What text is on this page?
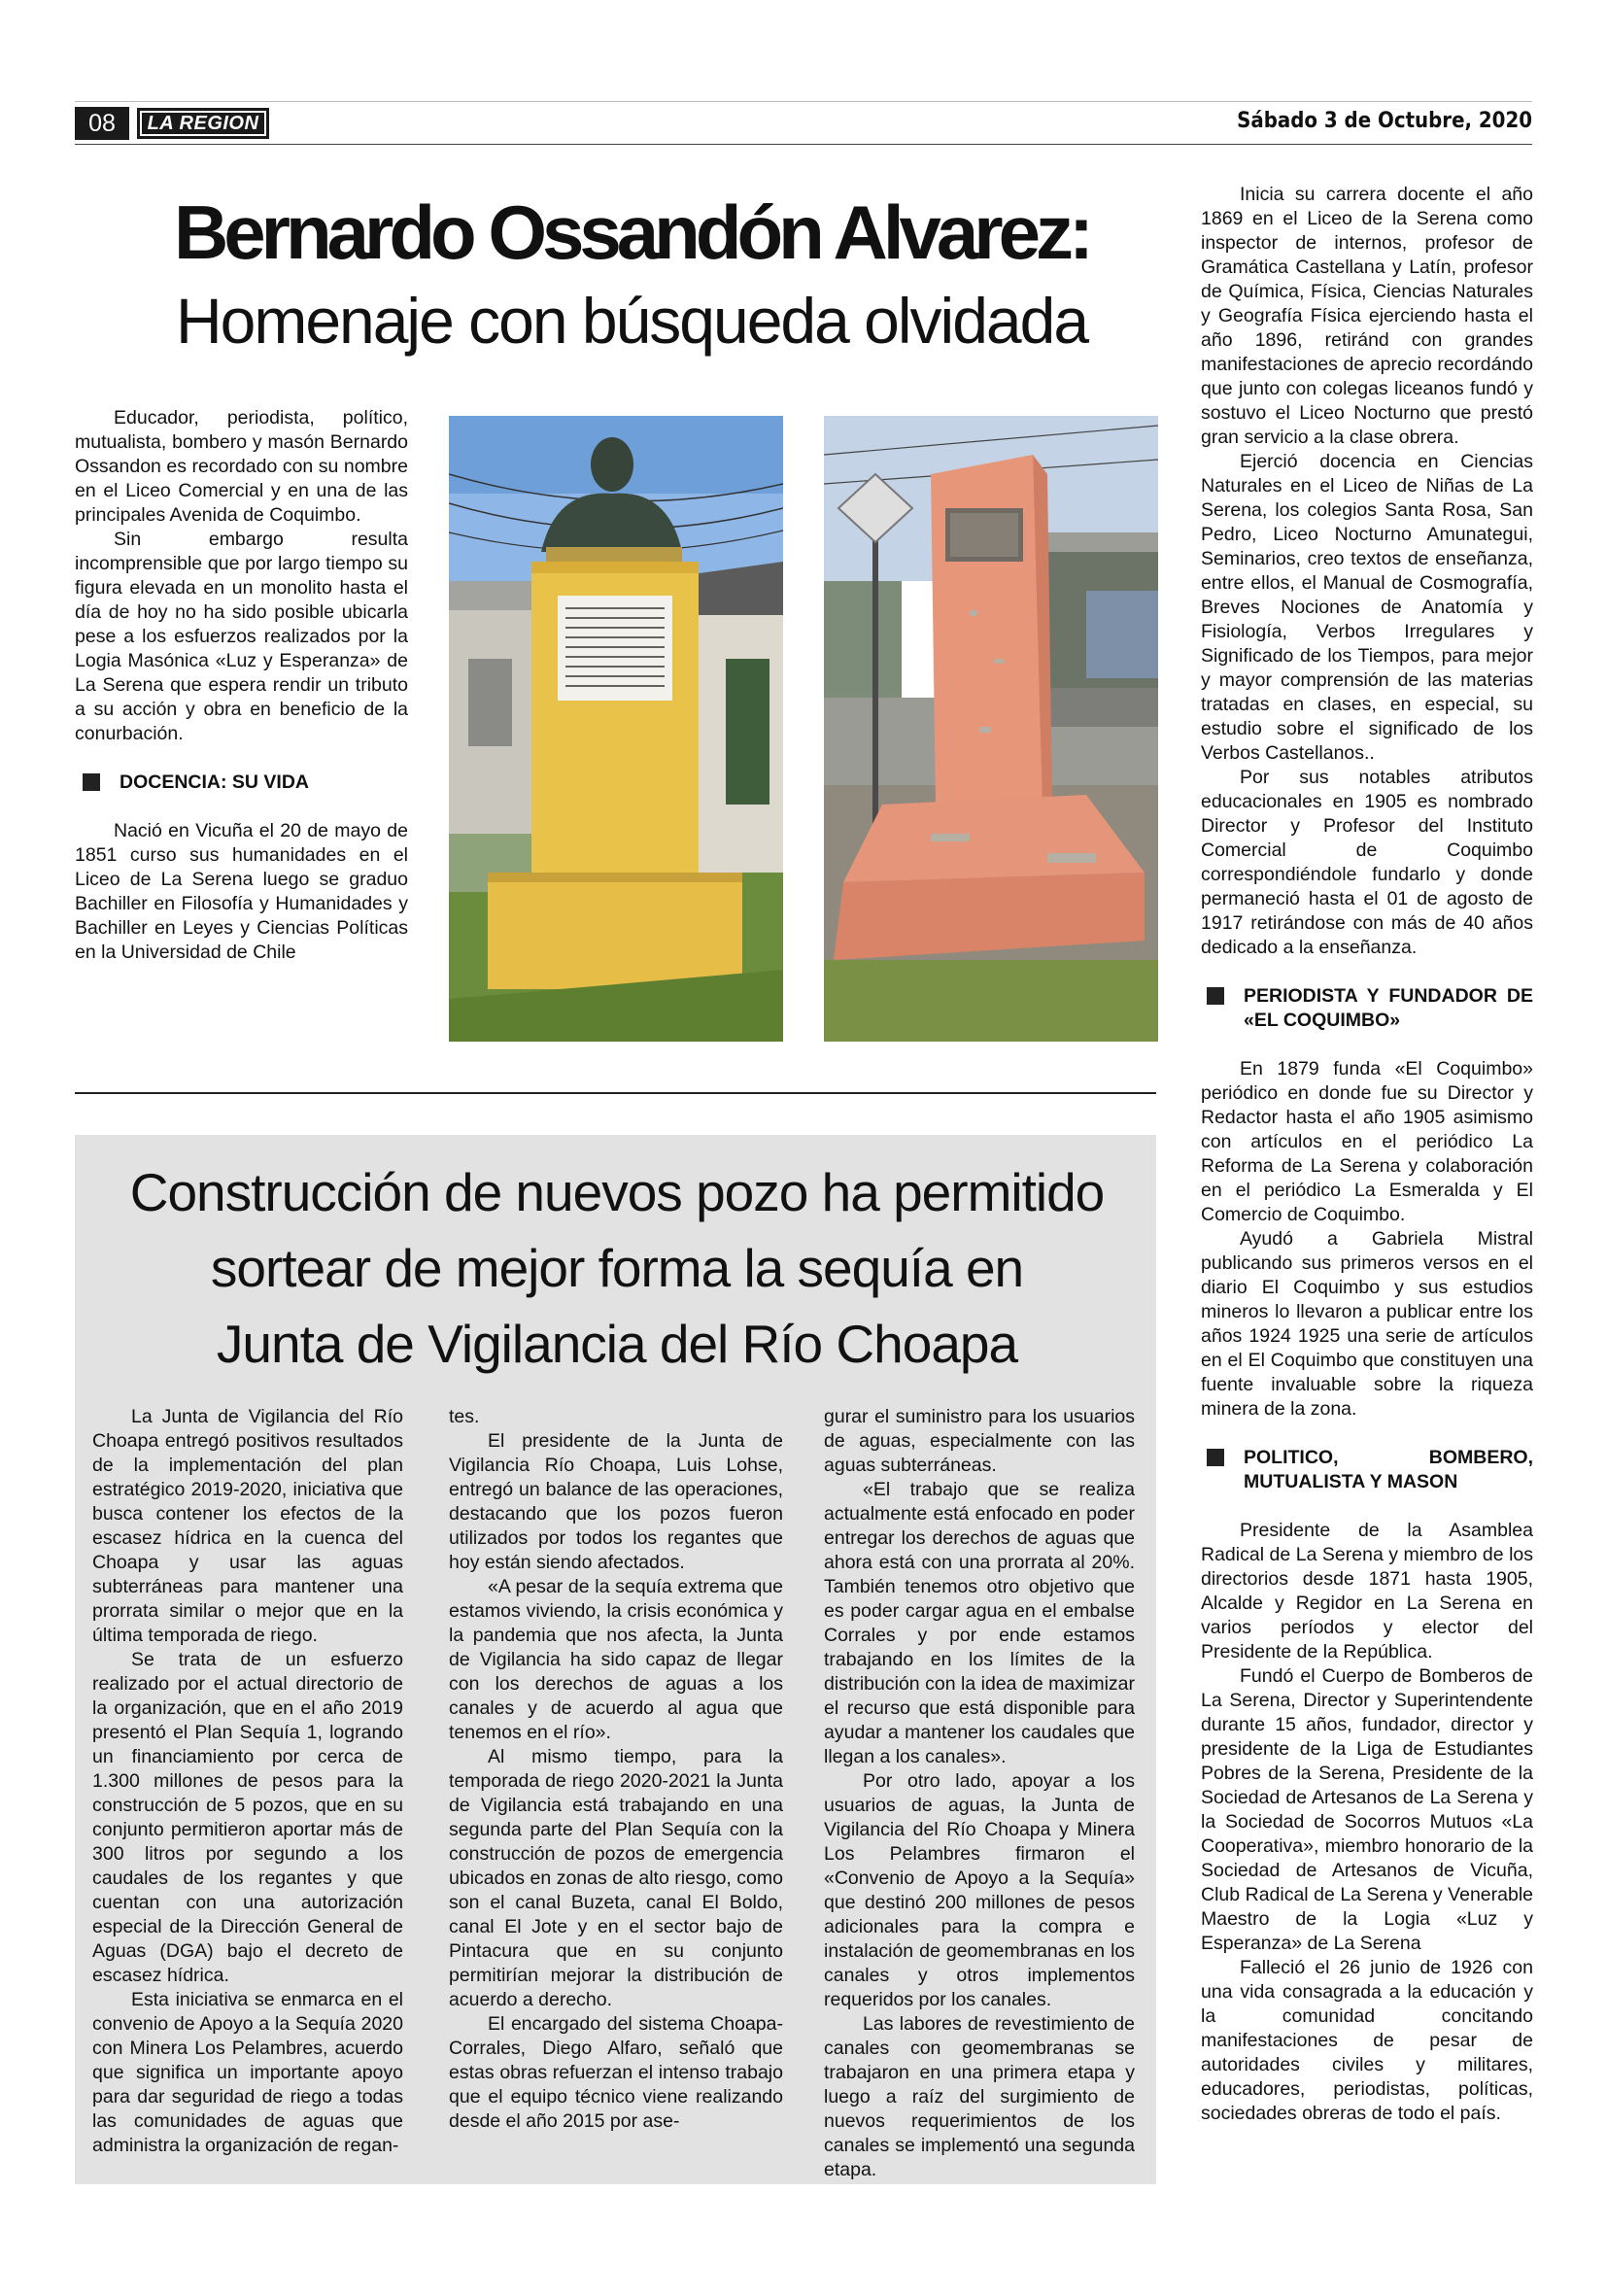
08	LA REGION	Sábado 3 de Octubre, 2020
Bernardo Ossandón Alvarez:
Homenaje con búsqueda olvidada

Educador, periodista, político, mutualista, bombero y masón Bernardo Ossandon es recordado con su nombre en el Liceo Comercial y en una de las principales Avenida de Coquimbo.

Sin embargo resulta incomprensible que por largo tiempo su figura elevada en un monolito hasta el día de hoy no ha sido posible ubicarla pese a los esfuerzos realizados por la Logia Masónica «Luz y Esperanza» de La Serena que espera rendir un tributo a su acción y obra en beneficio de la conurbación.

DOCENCIA: SU VIDA

Nació en Vicuña el 20 de mayo de 1851 curso sus humanidades en el Liceo de La Serena luego se graduo Bachiller en Filosofía y Humanidades y Bachiller en Leyes y Ciencias Políticas en la Universidad de Chile

Inicia su carrera docente el año 1869 en el Liceo de la Serena como inspector de internos, profesor de Gramática Castellana y Latín, profesor de Química, Física, Ciencias Naturales y Geografía Física ejerciendo hasta el año 1896, retiránd con grandes manifestaciones de aprecio recordándo que junto con colegas liceanos fundó y sostuvo el Liceo Nocturno que prestó gran servicio a la clase obrera.

Ejerció docencia en Ciencias Naturales en el Liceo de Niñas de La Serena, los colegios Santa Rosa, San Pedro, Liceo Nocturno Amunategui, Seminarios, creo textos de enseñanza, entre ellos, el Manual de Cosmografía, Breves Nociones de Anatomía y Fisiología, Verbos Irregulares y Significado de los Tiempos, para mejor y mayor comprensión de las materias tratadas en clases, en especial, su estudio sobre el significado de los Verbos Castellanos..

Por sus notables atributos educacionales en 1905 es nombrado Director y Profesor del Instituto Comercial de Coquimbo correspondiéndole fundarlo y donde permaneció hasta el 01 de agosto de 1917 retirándose con más de 40 años dedicado a la enseñanza.

PERIODISTA Y FUNDADOR DE «EL COQUIMBO»

En 1879 funda «El Coquimbo» periódico en donde fue su Director y Redactor hasta el año 1905 asimismo con artículos en el periódico La Reforma de La Serena y colaboración en el periódico La Esmeralda y El Comercio de Coquimbo.

Ayudó a Gabriela Mistral publicando sus primeros versos en el diario El Coquimbo y sus estudios mineros lo llevaron a publicar entre los años 1924 1925 una serie de artículos en el El Coquimbo que constituyen una fuente invaluable sobre la riqueza minera de la zona.

POLITICO, BOMBERO, MUTUALISTA Y MASON

Presidente de la Asamblea Radical de La Serena y miembro de los directorios desde 1871 hasta 1905, Alcalde y Regidor en La Serena en varios períodos y elector del Presidente de la República.

Fundó el Cuerpo de Bomberos de La Serena, Director y Superintendente durante 15 años, fundador, director y presidente de la Liga de Estudiantes Pobres de la Serena, Presidente de la Sociedad de Artesanos de La Serena y la Sociedad de Socorros Mutuos «La Cooperativa», miembro honorario de la Sociedad de Artesanos de Vicuña, Club Radical de La Serena y Venerable Maestro de la Logia «Luz y Esperanza» de La Serena

Falleció el 26 junio de 1926 con una vida consagrada a la educación y la comunidad concitando manifestaciones de pesar de autoridades civiles y militares, educadores, periodistas, políticas, sociedades obreras de todo el país.

Construcción de nuevos pozo ha permitido
sortear de mejor forma la sequía en
Junta de Vigilancia del Río Choapa

La Junta de Vigilancia del Río Choapa entregó positivos resultados de la implementación del plan estratégico 2019-2020, iniciativa que busca contener los efectos de la escasez hídrica en la cuenca del Choapa y usar las aguas subterráneas para mantener una prorrata similar o mejor que en la última temporada de riego.

Se trata de un esfuerzo realizado por el actual directorio de la organización, que en el año 2019 presentó el Plan Sequía 1, logrando un financiamiento por cerca de 1.300 millones de pesos para la construcción de 5 pozos, que en su conjunto permitieron aportar más de 300 litros por segundo a los caudales de los regantes y que cuentan con una autorización especial de la Dirección General de Aguas (DGA) bajo el decreto de escasez hídrica.

Esta iniciativa se enmarca en el convenio de Apoyo a la Sequía 2020 con Minera Los Pelambres, acuerdo que significa un importante apoyo para dar seguridad de riego a todas las comunidades de aguas que administra la organización de regan-

tes.

El presidente de la Junta de Vigilancia Río Choapa, Luis Lohse, entregó un balance de las operaciones, destacando que los pozos fueron utilizados por todos los regantes que hoy están siendo afectados.

«A pesar de la sequía extrema que estamos viviendo, la crisis económica y la pandemia que nos afecta, la Junta de Vigilancia ha sido capaz de llegar con los derechos de aguas a los canales y de acuerdo al agua que tenemos en el río».

Al mismo tiempo, para la temporada de riego 2020-2021 la Junta de Vigilancia está trabajando en una segunda parte del Plan Sequía con la construcción de pozos de emergencia ubicados en zonas de alto riesgo, como son el canal Buzeta, canal El Boldo, canal El Jote y en el sector bajo de Pintacura que en su conjunto permitirían mejorar la distribución de acuerdo a derecho.

El encargado del sistema Choapa-Corrales, Diego Alfaro, señaló que estas obras refuerzan el intenso trabajo que el equipo técnico viene realizando desde el año 2015 por ase-

gurar el suministro para los usuarios de aguas, especialmente con las aguas subterráneas.

«El trabajo que se realiza actualmente está enfocado en poder entregar los derechos de aguas que ahora está con una prorrata al 20%. También tenemos otro objetivo que es poder cargar agua en el embalse Corrales y por ende estamos trabajando en los límites de la distribución con la idea de maximizar el recurso que está disponible para ayudar a mantener los caudales que llegan a los canales».

Por otro lado, apoyar a los usuarios de aguas, la Junta de Vigilancia del Río Choapa y Minera Los Pelambres firmaron el «Convenio de Apoyo a la Sequía» que destinó 200 millones de pesos adicionales para la compra e instalación de geomembranas en los canales y otros implementos requeridos por los canales.

Las labores de revestimiento de canales con geomembranas se trabajaron en una primera etapa y luego a raíz del surgimiento de nuevos requerimientos de los canales se implementó una segunda etapa.
